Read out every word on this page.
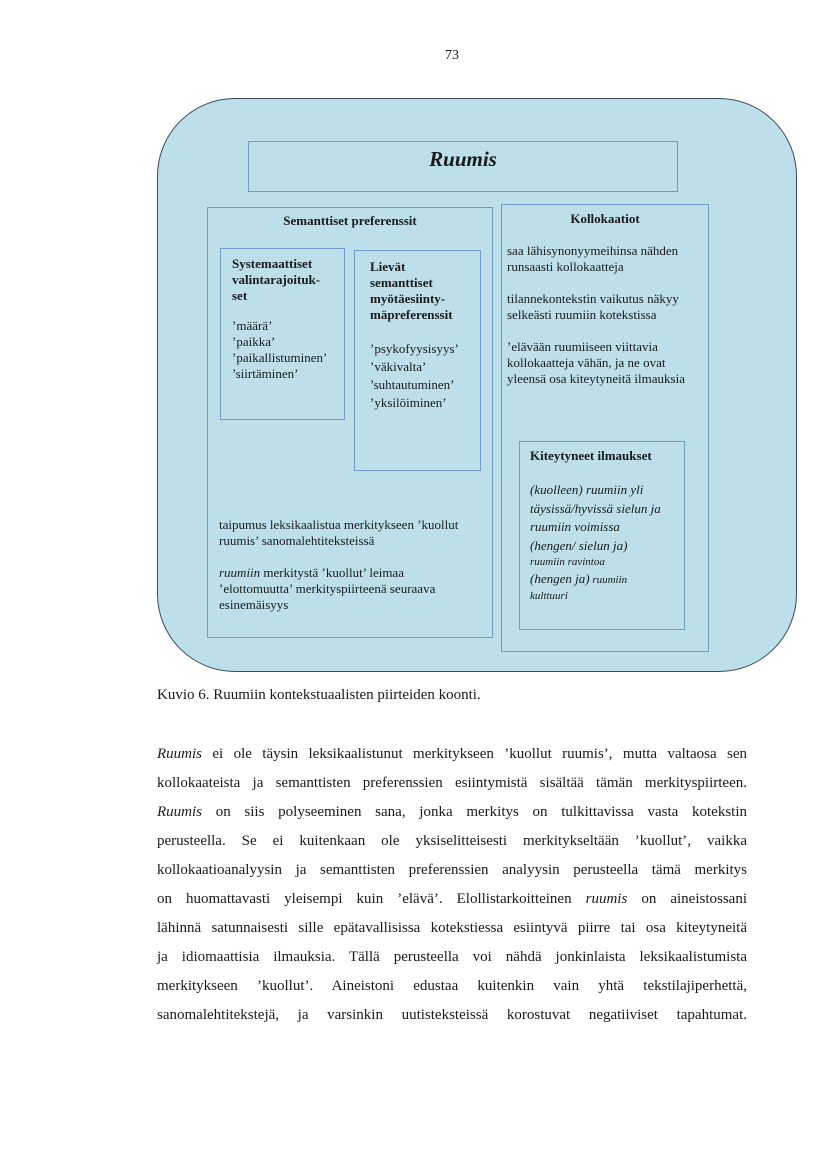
73
Ruumis
Semanttiset preferenssit
Systemaattiset
valintarajoituk-
set
’määrä’
’paikka’
’paikallistuminen’
’siirtäminen’
Lievät
semanttiset
myötäesiinty-
mäpreferenssit
’psykofyysisyys’
’väkivalta’
’suhtautuminen’
’yksilöiminen’
taipumus leksikaalistua merkitykseen ’kuollut
ruumis’ sanomalehtiteksteissä
ruumiin merkitystä ’kuollut’ leimaa
’elottomuutta’ merkityspiirteenä seuraava
esinemäisyys
Kollokaatiot
saa lähisynonyymeihinsa nähden
runsaasti kollokaatteja
tilannekontekstin vaikutus näkyy
selkeästi ruumiin kotekstissa
’elävään ruumiiseen viittavia
kollokaatteja vähän, ja ne ovat
yleensä osa kiteytyneitä ilmauksia
Kiteytyneet ilmaukset
(kuolleen) ruumiin yli
täysissä/hyvissä sielun ja
ruumiin voimissa
(hengen/ sielun ja)
ruumiin ravintoa
(hengen ja) ruumiin
kulttuuri
Kuvio 6. Ruumiin kontekstuaalisten piirteiden koonti.
Ruumis ei ole täysin leksikaalistunut merkitykseen ’kuollut ruumis’, mutta valtaosa sen
kollokaateista ja semanttisten preferenssien esiintymistä sisältää tämän merkityspiirteen.
Ruumis on siis polyseeminen sana, jonka merkitys on tulkittavissa vasta kotekstin
perusteella. Se ei kuitenkaan ole yksiselitteisesti merkitykseltään ’kuollut’, vaikka
kollokaatioanalyysin ja semanttisten preferenssien analyysin perusteella tämä merkitys
on huomattavasti yleisempi kuin ’elävä’. Elollistarkoitteinen ruumis on aineistossani
lähinnä satunnaisesti sille epätavallisissa kotekstiessa esiintyvä piirre tai osa kiteytyneitä
ja idiomaattisia ilmauksia. Tällä perusteella voi nähdä jonkinlaista leksikaalistumista
merkitykseen ’kuollut’. Aineistoni edustaa kuitenkin vain yhtä tekstilajiperhettä,
sanomalehtitekstejä, ja varsinkin uutisteksteissä korostuvat negatiiviset tapahtumat.
